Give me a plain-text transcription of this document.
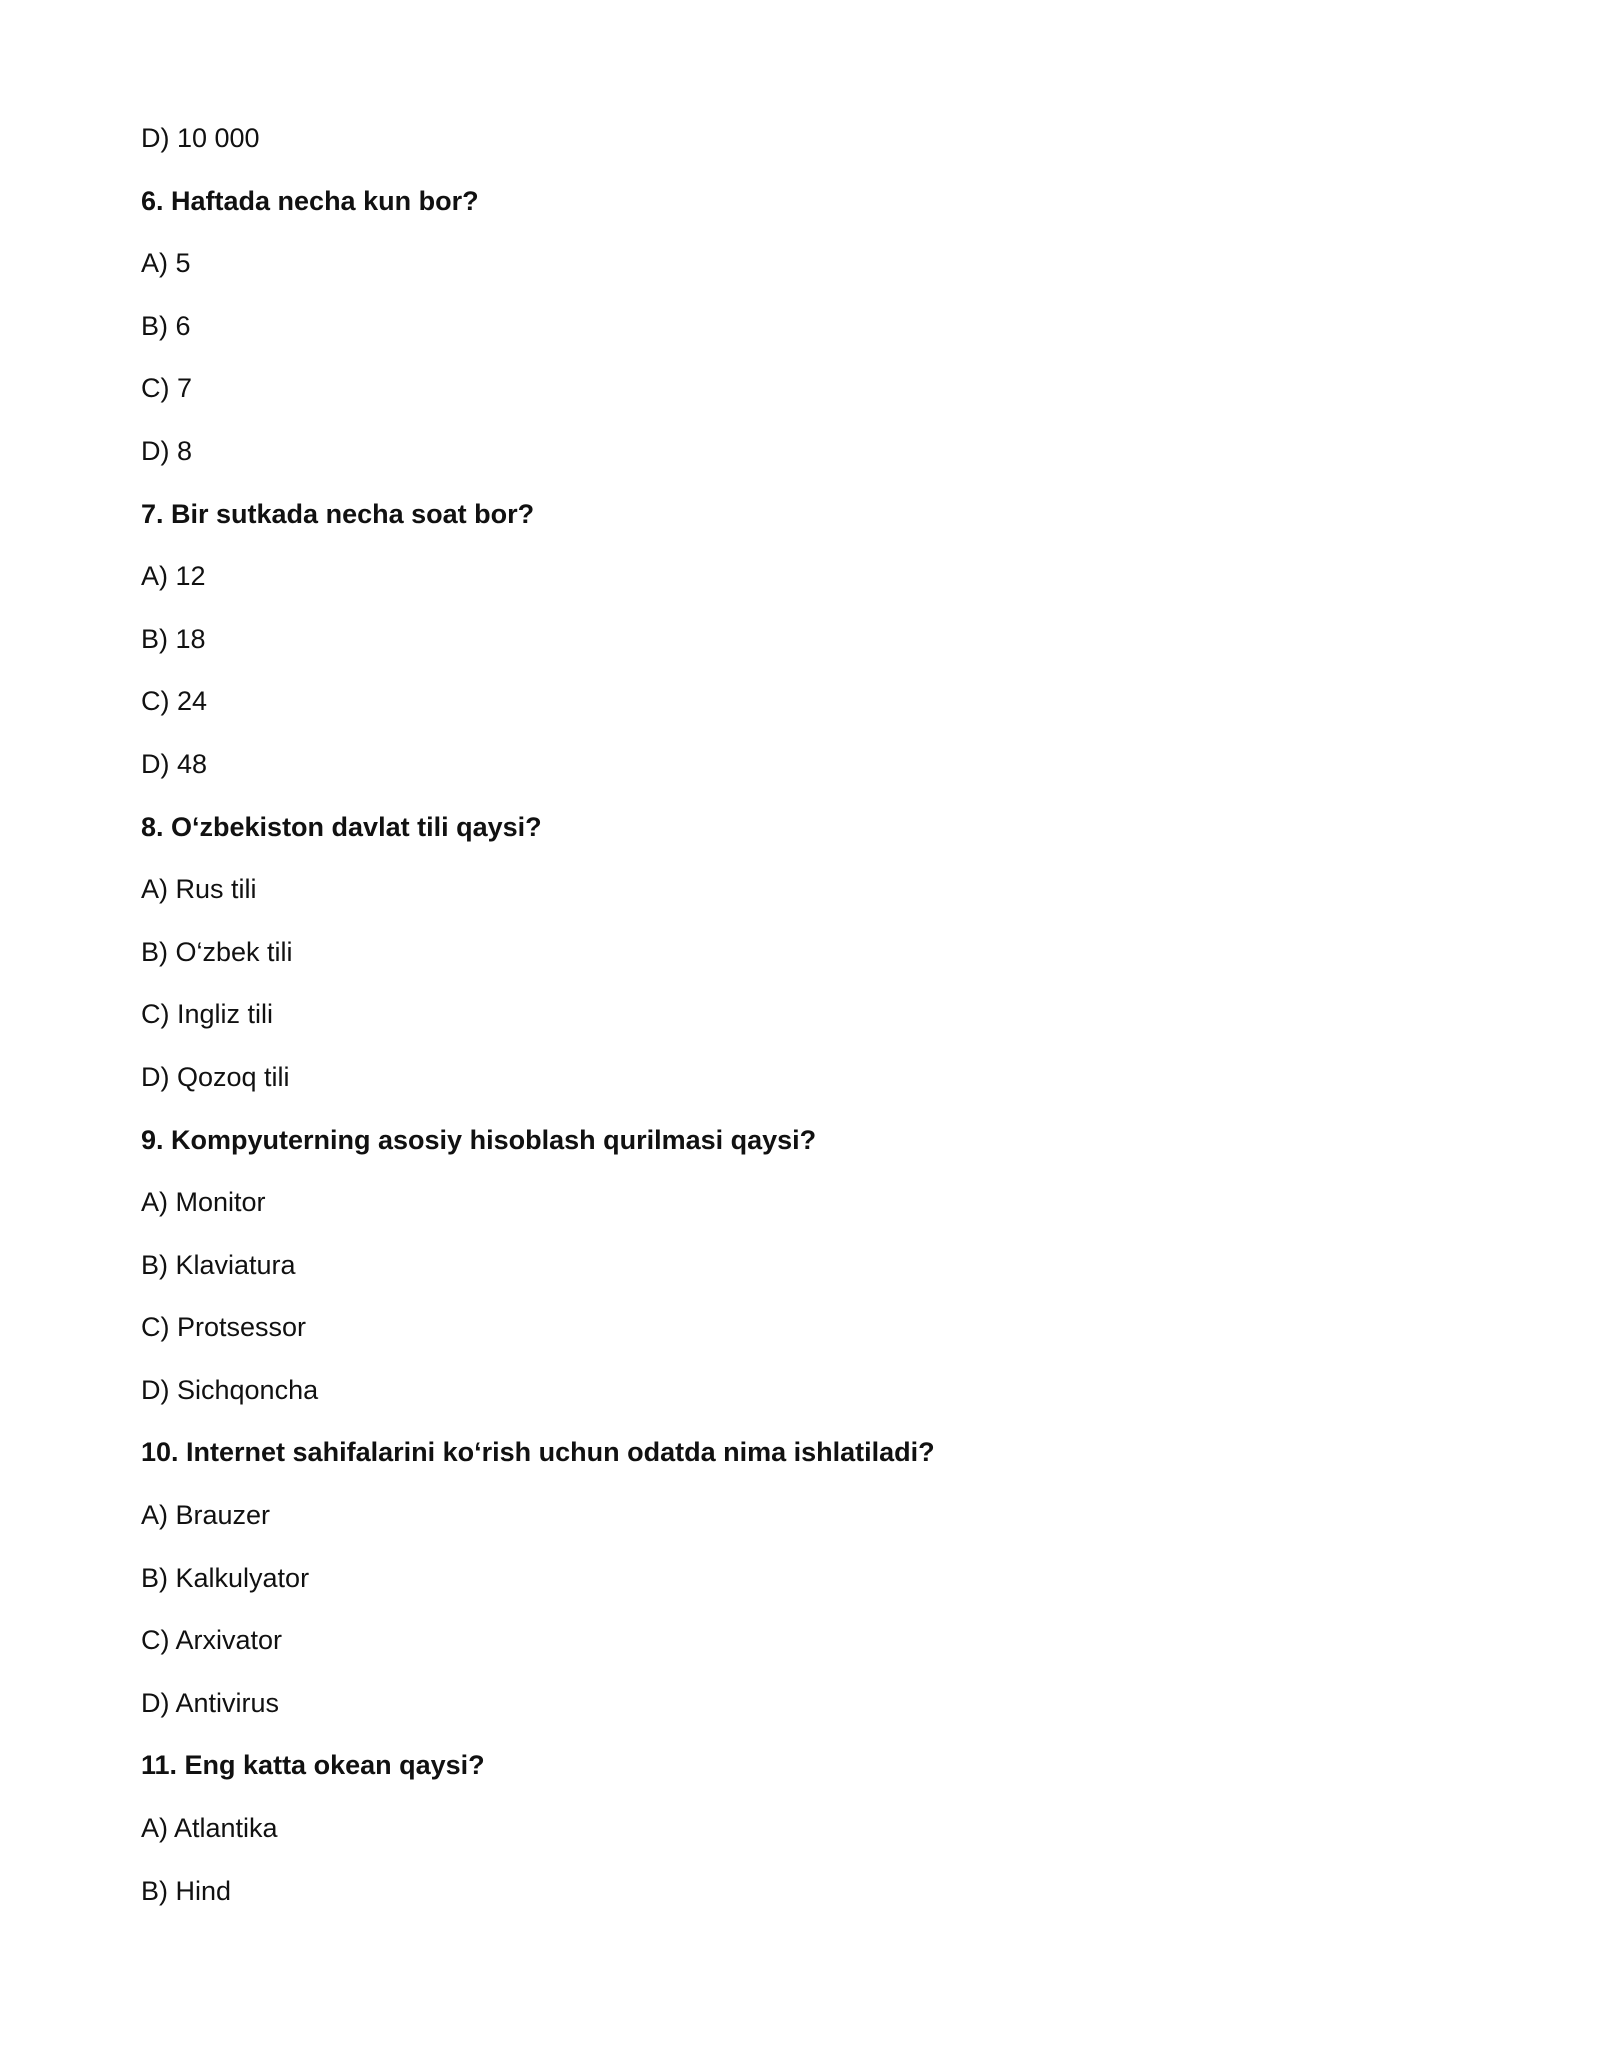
D) 10 000
6. Haftada necha kun bor?
A) 5
B) 6
C) 7
D) 8
7. Bir sutkada necha soat bor?
A) 12
B) 18
C) 24
D) 48
8. O‘zbekiston davlat tili qaysi?
A) Rus tili
B) O‘zbek tili
C) Ingliz tili
D) Qozoq tili
9. Kompyuterning asosiy hisoblash qurilmasi qaysi?
A) Monitor
B) Klaviatura
C) Protsessor
D) Sichqoncha
10. Internet sahifalarini ko‘rish uchun odatda nima ishlatiladi?
A) Brauzer
B) Kalkulyator
C) Arxivator
D) Antivirus
11. Eng katta okean qaysi?
A) Atlantika
B) Hind
